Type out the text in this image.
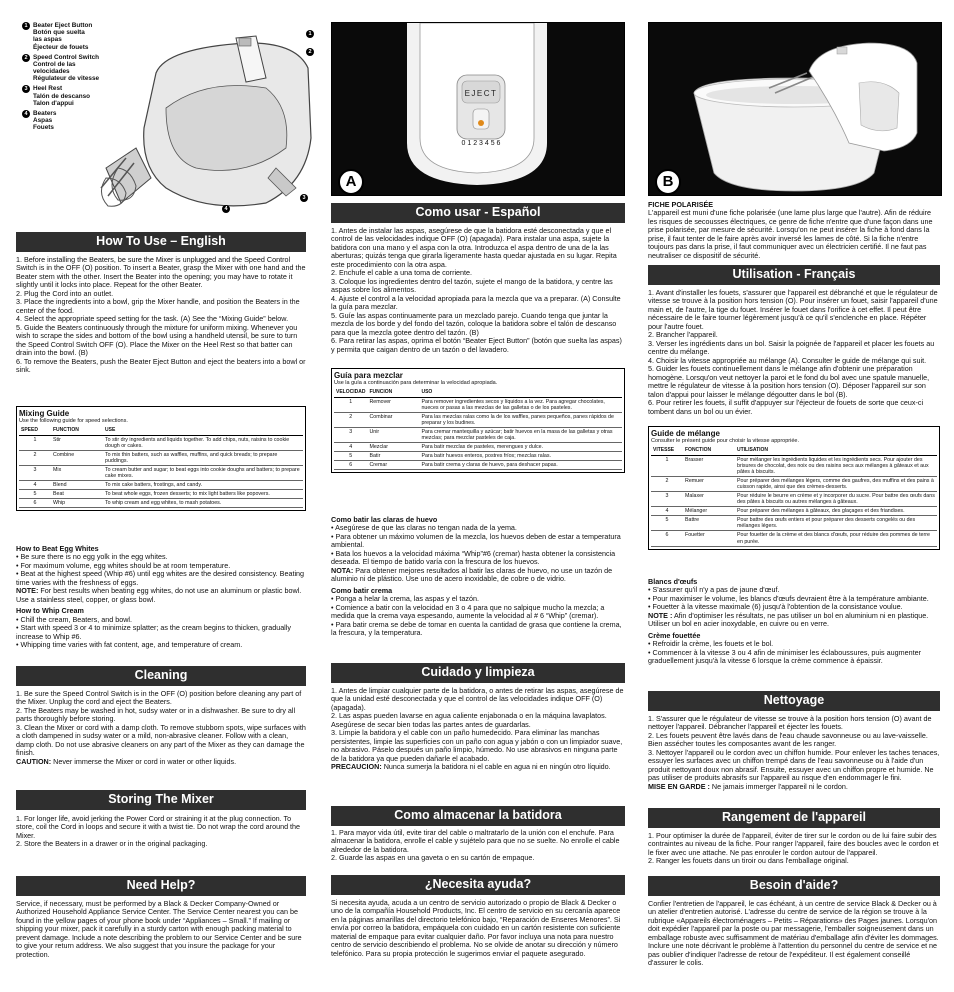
1 Beater Eject Button
Botón que suelta
las aspas
Éjecteur de fouets
2 Speed Control Switch
Control de las
velocidades
Régulateur de vitesse
3 Heel Rest
Talón de descanso
Talon d'appui
4 Beaters
Aspas
Fouets
1
2
3
4
How To Use – English

1. Before installing the Beaters, be sure the Mixer is unplugged and the Speed Control Switch is in the OFF (O) position. To insert a Beater, grasp the Mixer with one hand and the Beater stem with the other. Insert the Beater into the opening; you may have to rotate it slightly until it locks into place. Repeat for the other Beater.

2. Plug the Cord into an outlet.

3. Place the ingredients into a bowl, grip the Mixer handle, and position the Beaters in the center of the food.

4. Select the appropriate speed setting for the task. (A) See the “Mixing Guide” below.

5. Guide the Beaters continuously through the mixture for uniform mixing. Whenever you wish to scrape the sides and bottom of the bowl using a handheld utensil, be sure to turn the Speed Control Switch OFF (O). Place the Mixer on the Heel Rest so that batter can drain into the bowl. (B)

6. To remove the Beaters, push the Beater Eject Button and eject the beaters into a bowl or sink.

Mixing Guide
Use the following guide for speed selections.
SPEED	FUNCTION	USE
1	Stir	To stir dry ingredients and liquids together. To add chips, nuts, raisins to cookie dough or cakes.
2	Combine	To mix thin batters, such as waffles, muffins, and quick breads; to prepare puddings.
3	Mix	To cream butter and sugar; to beat eggs into cookie doughs and batters; to prepare cake mixes.
4	Blend	To mix cake batters, frostings, and candy.
5	Beat	To beat whole eggs, frozen desserts; to mix light batters like popovers.
6	Whip	To whip cream and egg whites, to mash potatoes.

How to Beat Egg Whites

• Be sure there is no egg yolk in the egg whites.

• For maximum volume, egg whites should be at room temperature.

• Beat at the highest speed (Whip #6) until egg whites are the desired consistency. Beating time varies with the freshness of eggs.

NOTE: For best results when beating egg whites, do not use an aluminum or plastic bowl. Use a stainless steel, copper, or glass bowl.

How to Whip Cream

• Chill the cream, Beaters, and bowl.

• Start with speed 3 or 4 to minimize splatter; as the cream begins to thicken, gradually increase to Whip #6.

• Whipping time varies with fat content, age, and temperature of cream.

Cleaning

1. Be sure the Speed Control Switch is in the OFF (O) position before cleaning any part of the Mixer. Unplug the cord and eject the Beaters.

2. The Beaters may be washed in hot, sudsy water or in a dishwasher. Be sure to dry all parts thoroughly before storing.

3. Clean the Mixer or cord with a damp cloth. To remove stubborn spots, wipe surfaces with a cloth dampened in sudsy water or a mild, non-abrasive cleaner. Follow with a clean, damp cloth. Do not use abrasive cleaners on any part of the Mixer as they can damage the finish.

CAUTION: Never immerse the Mixer or cord in water or other liquids.

Storing The Mixer

1. For longer life, avoid jerking the Power Cord or straining it at the plug connection. To store, coil the Cord in loops and secure it with a twist tie. Do not wrap the cord around the Mixer.

2. Store the Beaters in a drawer or in the original packaging.

Need Help?

Service, if necessary, must be performed by a Black & Decker Company-Owned or Authorized Household Appliance Service Center. The Service Center nearest you can be found in the yellow pages of your phone book under “Appliances – Small.” If mailing or shipping your mixer, pack it carefully in a sturdy carton with enough packing material to prevent damage. Include a note describing the problem to our Service Center and be sure to give your return address. We also suggest that you insure the package for your protection.

EJECT
0 1 2 3 4 5 6
A
Como usar - Español

1. Antes de instalar las aspas, asegúrese de que la batidora esté desconectada y que el control de las velocidades indique OFF (O) (apagada). Para instalar una aspa, sujete la batidora con una mano y el aspa con la otra. Introduzca el aspa dentro de una de la las aberturas; quizás tenga que girarla ligeramente hasta quedar ajustada en su lugar. Repita este procedimiento con la otra aspa.

2. Enchufe el cable a una toma de corriente.

3. Coloque los ingredientes dentro del tazón, sujete el mango de la batidora, y centre las aspas sobre los alimentos.

4. Ajuste el control a la velocidad apropiada para la mezcla que va a preparar. (A) Consulte la guía para mezclar.

5. Guíe las aspas continuamente para un mezclado parejo. Cuando tenga que juntar la mezcla de los borde y del fondo del tazón, coloque la batidora sobre el talón de descanso para que la mezcla gotee dentro del tazón. (B)

6. Para retirar las aspas, oprima el botón “Beater Eject Button” (botón que suelta las aspas) y permita que caigan dentro de un tazón o del lavadero.

Guía para mezclar
Use la guía a continuación para determinar la velocidad apropiada.
VELOCIDAD	FUNCION	USO
1	Remover	Para remover ingredientes secos y líquidos a la vez. Para agregar chocolates, nueces or pasas a las mezclas de las galletas o de los pasteles.
2	Combinar	Para las mezclas ralas como la de los waffles, panes pequeños, panes rápidos de preparar y los budines.
3	Unir	Para cremar mantequilla y azúcar; batir huevos en la masa de las galletas y otras mezclas; para mezclar pasteles de caja.
4	Mezclar	Para batir mezclas de pasteles, merengues y dulce.
5	Batir	Para batir huevos enteros, postres fríos; mezclas ralas.
6	Cremar	Para batir crema y claras de huevo, para deshacer papas.

Como batir las claras de huevo

• Asegúrese de que las claras no tengan nada de la yema.

• Para obtener un máximo volumen de la mezcla, los huevos deben de estar a temperatura ambiental.

• Bata los huevos a la velocidad máxima “Whip”#6 (cremar) hasta obtener la consistencia deseada. El tiempo de batido varía con la frescura de los huevos.

NOTA: Para obtener mejores resultados al batir las claras de huevo, no use un tazón de aluminio ni de plástico. Use uno de acero inoxidable, de cobre o de vidrio.

Como batir crema

• Ponga a helar la crema, las aspas y el tazón.

• Comience a batir con la velocidad en 3 o 4 para que no salpique mucho la mezcla; a medida que la crema vaya espesando, aumente la velocidad al # 6 “Whip” (cremar).

• Para batir crema se debe de tomar en cuenta la cantidad de grasa que contiene la crema, la frescura, y la temperatura.

Cuidado y limpieza

1. Antes de limpiar cualquier parte de la batidora, o antes de retirar las aspas, asegúrese de que la unidad esté desconectada y que el control de las velocidades indique OFF (O) (apagada).

2. Las aspas pueden lavarse en agua caliente enjabonada o en la máquina lavaplatos. Asegúrese de secar bien todas las partes antes de guardarlas.

3. Limpie la batidora y el cable con un paño humedecido. Para eliminar las manchas persistentes, limpie las superficies con un paño con agua y jabón o con un limpiador suave, no abrasivo. Páselo después un paño limpio, húmedo. No use abrasivos en ninguna parte de la batidora ya que pueden dañarle el acabado.

PRECAUCION: Nunca sumerja la batidora ni el cable en agua ni en ningún otro líquido.

Como almacenar la batidora

1. Para mayor vida útil, evite tirar del cable o maltratarlo de la unión con el enchufe. Para almacenar la batidora, enrolle el cable y sujételo para que no se suelte. No enrolle el cable alrededor de la batidora.

2. Guarde las aspas en una gaveta o en su cartón de empaque.

¿Necesita ayuda?

Si necesita ayuda, acuda a un centro de servicio autorizado o propio de Black & Decker o uno de la compañía Household Products, Inc. El centro de servicio en su cercanía aparece en la páginas amarillas del directorio telefónico bajo, “Reparación de Enseres Menores”. Si envía por correo la batidora, empáquela con cuidado en un cartón resistente con suficiente material de empaque para evitar cualquier daño. Por favor incluya una nota para nuestro centro de servicio describiendo el problema. No se olvide de anotar su dirección y número telefónico. Para su propia protección le sugerimos enviar el paquete asegurado.

B

FICHE POLARISÉE

L'appareil est muni d'une fiche polarisée (une lame plus large que l'autre). Afin de réduire les risques de secousses électriques, ce genre de fiche n'entre que d'une façon dans une prise polarisée, par mesure de sécurité. Lorsqu'on ne peut insérer la fiche à fond dans la prise, il faut tenter de le faire après avoir inversé les lames de côté. Si la fiche n'entre toujours pas dans la prise, il faut communiquer avec un électricien certifié. Il ne faut pas neutraliser ce dispositif de sécurité.

Utilisation - Français

1. Avant d'installer les fouets, s'assurer que l'appareil est débranché et que le régulateur de vitesse se trouve à la position hors tension (O). Pour insérer un fouet, saisir l'appareil d'une main et, de l'autre, la tige du fouet. Insérer le fouet dans l'orifice à cet effet. Il peut être nécessaire de le faire tourner légèrement jusqu'à ce qu'il s'enclenche en place. Répéter pour l'autre fouet.

2. Brancher l'appareil.

3. Verser les ingrédients dans un bol. Saisir la poignée de l'appareil et placer les fouets au centre du mélange.

4. Choisir la vitesse appropriée au mélange (A). Consulter le guide de mélange qui suit.

5. Guider les fouets continuellement dans le mélange afin d'obtenir une préparation homogène. Lorsqu'on veut nettoyer la paroi et le fond du bol avec une spatule manuelle, mettre le régulateur de vitesse à la position hors tension (O). Déposer l'appareil sur son talon d'appui pour laisser le mélange dégoutter dans le bol (B).

6. Pour retirer les fouets, il suffit d'appuyer sur l'éjecteur de fouets de sorte que ceux-ci tombent dans un bol ou un évier.

Guide de mélange
Consulter le présent guide pour choisir la vitesse appropriée.
VITESSE	FONCTION	UTILISATION
1	Brasser	Pour mélanger les ingrédients liquides et les ingrédients secs. Pour ajouter des brisures de chocolat, des noix ou des raisins secs aux mélanges à gâteaux et aux pâtes à biscuits.
2	Remuer	Pour préparer des mélanges légers, comme des gaufres, des muffins et des pains à cuisson rapide, ainsi que des crèmes-desserts.
3	Malaxer	Pour réduire le beurre en crème et y incorporer du sucre. Pour battre des œufs dans des pâtes à biscuits ou autres mélanges à gâteaux.
4	Mélanger	Pour préparer des mélanges à gâteaux, des glaçages et des friandises.
5	Battre	Pour battre des œufs entiers et pour préparer des desserts congelés ou des mélanges légers.
6	Fouetter	Pour fouetter de la crème et des blancs d'œufs, pour réduire des pommes de terre en purée.

Blancs d'œufs

• S'assurer qu'il n'y a pas de jaune d'œuf.

• Pour maximiser le volume, les blancs d'œufs devraient être à la température ambiante.

• Fouetter à la vitesse maximale (6) jusqu'à l'obtention de la consistance voulue.

NOTE : Afin d'optimiser les résultats, ne pas utiliser un bol en aluminium ni en plastique. Utiliser un bol en acier inoxydable, en cuivre ou en verre.

Crème fouettée

• Refroidir la crème, les fouets et le bol.

• Commencer à la vitesse 3 ou 4 afin de minimiser les éclaboussures, puis augmenter graduellement jusqu'à la vitesse 6 lorsque la crème commence à épaissir.

Nettoyage

1. S'assurer que le régulateur de vitesse se trouve à la position hors tension (O) avant de nettoyer l'appareil. Débrancher l'appareil et éjecter les fouets.

2. Les fouets peuvent être lavés dans de l'eau chaude savonneuse ou au lave-vaisselle. Bien assécher toutes les composantes avant de les ranger.

3. Nettoyer l'appareil ou le cordon avec un chiffon humide. Pour enlever les taches tenaces, essuyer les surfaces avec un chiffon trempé dans de l'eau savonneuse ou à l'aide d'un produit nettoyant doux non abrasif. Ensuite, essuyer avec un chiffon propre et humide. Ne pas utiliser de produits abrasifs sur l'appareil au risque d'en endommager le fini.

MISE EN GARDE : Ne jamais immerger l'appareil ni le cordon.

Rangement de l'appareil

1. Pour optimiser la durée de l'appareil, éviter de tirer sur le cordon ou de lui faire subir des contraintes au niveau de la fiche. Pour ranger l'appareil, faire des boucles avec le cordon et le fixer avec une attache. Ne pas enrouler le cordon autour de l'appareil.

2. Ranger les fouets dans un tiroir ou dans l'emballage original.

Besoin d'aide?

Confier l'entretien de l'appareil, le cas échéant, à un centre de service Black & Decker ou à un atelier d'entretien autorisé. L'adresse du centre de service de la région se trouve à la rubrique «Appareils électroménagers – Petits – Réparations» des Pages jaunes. Lorsqu'on doit expédier l'appareil par la poste ou par messagerie, l'emballer soigneusement dans un emballage robuste avec suffisamment de matériau d'emballage afin d'éviter les dommages. Inclure une note décrivant le problème à l'attention du personnel du centre de service et ne pas oublier d'indiquer l'adresse de retour de l'expéditeur. Il est également conseillé d'assurer le colis.
